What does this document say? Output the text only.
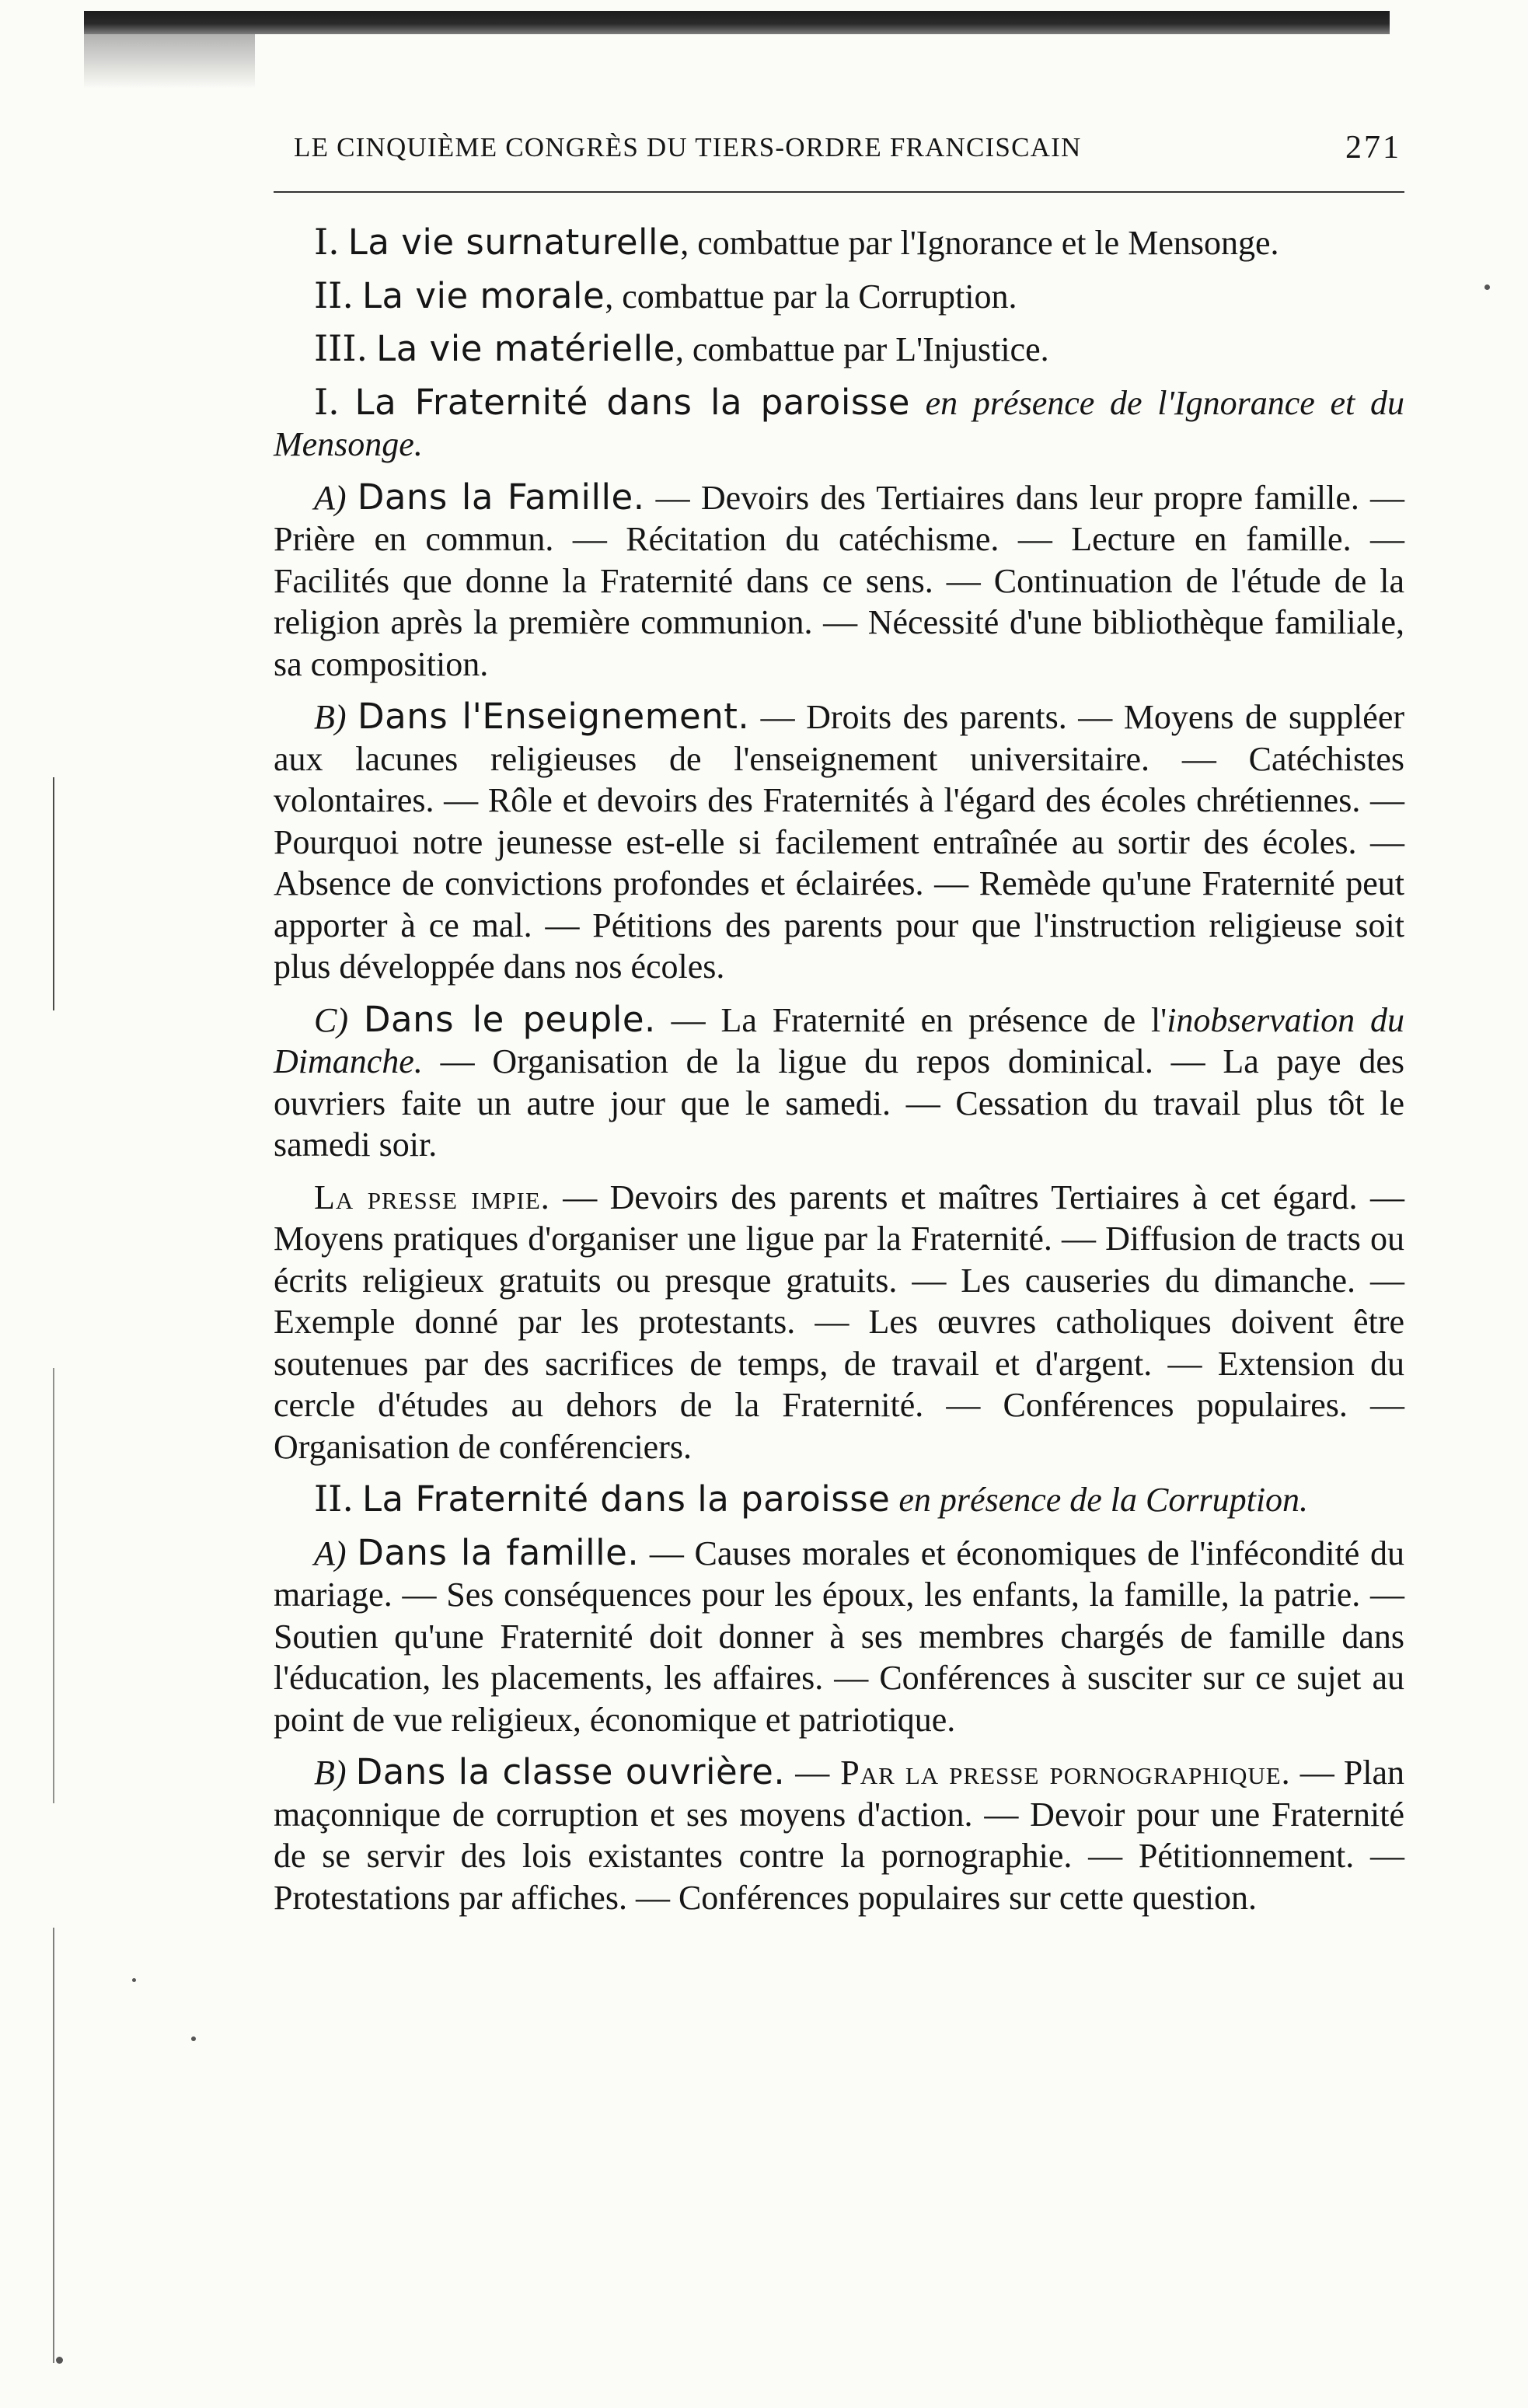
LE CINQUIÈME CONGRÈS DU TIERS-ORDRE FRANCISCAIN	271

I. La vie surnaturelle, combattue par l'Ignorance et le Mensonge.

II. La vie morale, combattue par la Corruption.

III. La vie matérielle, combattue par L'Injustice.

I. La Fraternité dans la paroisse en présence de l'Ignorance et du Mensonge.

A) Dans la Famille. — Devoirs des Tertiaires dans leur propre famille. — Prière en commun. — Récitation du catéchisme. — Lecture en famille. — Facilités que donne la Fraternité dans ce sens. — Continuation de l'étude de la religion après la première communion. — Nécessité d'une bibliothèque familiale, sa composition.

B) Dans l'Enseignement. — Droits des parents. — Moyens de suppléer aux lacunes religieuses de l'enseignement universitaire. — Catéchistes volontaires. — Rôle et devoirs des Fraternités à l'égard des écoles chrétiennes. — Pourquoi notre jeunesse est-elle si facilement entraînée au sortir des écoles. — Absence de convictions profondes et éclairées. — Remède qu'une Fraternité peut apporter à ce mal. — Pétitions des parents pour que l'instruction religieuse soit plus développée dans nos écoles.

C) Dans le peuple. — La Fraternité en présence de l'inobservation du Dimanche. — Organisation de la ligue du repos dominical. — La paye des ouvriers faite un autre jour que le samedi. — Cessation du travail plus tôt le samedi soir.

La presse impie. — Devoirs des parents et maîtres Tertiaires à cet égard. — Moyens pratiques d'organiser une ligue par la Fraternité. — Diffusion de tracts ou écrits religieux gratuits ou presque gratuits. — Les causeries du dimanche. — Exemple donné par les protestants. — Les œuvres catholiques doivent être soutenues par des sacrifices de temps, de travail et d'argent. — Extension du cercle d'études au dehors de la Fraternité. — Conférences populaires. — Organisation de conférenciers.

II. La Fraternité dans la paroisse en présence de la Corruption.

A) Dans la famille. — Causes morales et économiques de l'infécondité du mariage. — Ses conséquences pour les époux, les enfants, la famille, la patrie. — Soutien qu'une Fraternité doit donner à ses membres chargés de famille dans l'éducation, les placements, les affaires. — Conférences à susciter sur ce sujet au point de vue religieux, économique et patriotique.

B) Dans la classe ouvrière. — Par la presse pornographique. — Plan maçonnique de corruption et ses moyens d'action. — Devoir pour une Fraternité de se servir des lois existantes contre la pornographie. — Pétitionnement. — Protestations par affiches. — Conférences populaires sur cette question.
